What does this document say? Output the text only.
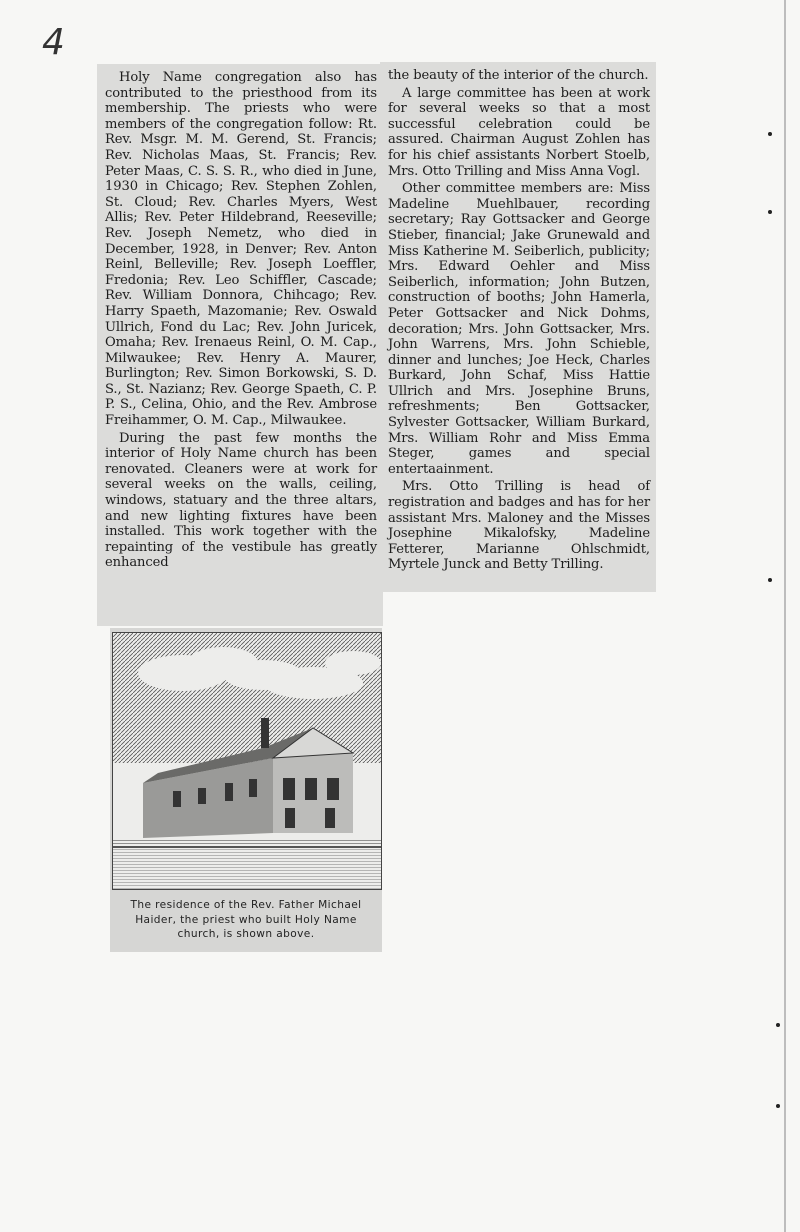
4

Holy Name congregation also has contributed to the priesthood from its membership. The priests who were members of the congregation follow: Rt. Rev. Msgr. M. M. Gerend, St. Francis; Rev. Nicholas Maas, St. Francis; Rev. Peter Maas, C. S. S. R., who died in June, 1930 in Chicago; Rev. Stephen Zohlen, St. Cloud; Rev. Charles Myers, West Allis; Rev. Peter Hildebrand, Reeseville; Rev. Joseph Nemetz, who died in December, 1928, in Denver; Rev. Anton Reinl, Belleville; Rev. Joseph Loeffler, Fredonia; Rev. Leo Schiffler, Cascade; Rev. William Donnora, Chihcago; Rev. Harry Spaeth, Mazomanie; Rev. Oswald Ullrich, Fond du Lac; Rev. John Juricek, Omaha; Rev. Irenaeus Reinl, O. M. Cap., Milwaukee; Rev. Henry A. Maurer, Burlington; Rev. Simon Borkowski, S. D. S., St. Nazianz; Rev. George Spaeth, C. P. P. S., Celina, Ohio, and the Rev. Ambrose Freihammer, O. M. Cap., Milwaukee.

During the past few months the interior of Holy Name church has been renovated. Cleaners were at work for several weeks on the walls, ceiling, windows, statuary and the three altars, and new lighting fixtures have been installed. This work together with the repainting of the vestibule has greatly enhanced

the beauty of the interior of the church.

A large committee has been at work for several weeks so that a most successful celebration could be assured. Chairman August Zohlen has for his chief assistants Norbert Stoelb, Mrs. Otto Trilling and Miss Anna Vogl.

Other committee members are: Miss Madeline Muehlbauer, recording secretary; Ray Gottsacker and George Stieber, financial; Jake Grunewald and Miss Katherine M. Seiberlich, publicity; Mrs. Edward Oehler and Miss Seiberlich, information; John Butzen, construction of booths; John Hamerla, Peter Gottsacker and Nick Dohms, decoration; Mrs. John Gottsacker, Mrs. John Warrens, Mrs. John Schieble, dinner and lunches; Joe Heck, Charles Burkard, John Schaf, Miss Hattie Ullrich and Mrs. Josephine Bruns, refreshments; Ben Gottsacker, Sylvester Gottsacker, William Burkard, Mrs. William Rohr and Miss Emma Steger, games and special entertaainment.

Mrs. Otto Trilling is head of registration and badges and has for her assistant Mrs. Maloney and the Misses Josephine Mikalofsky, Madeline Fetterer, Marianne Ohlschmidt, Myrtele Junck and Betty Trilling.

The residence of the Rev. Father Michael Haider, the priest who built Holy Name church, is shown above.
